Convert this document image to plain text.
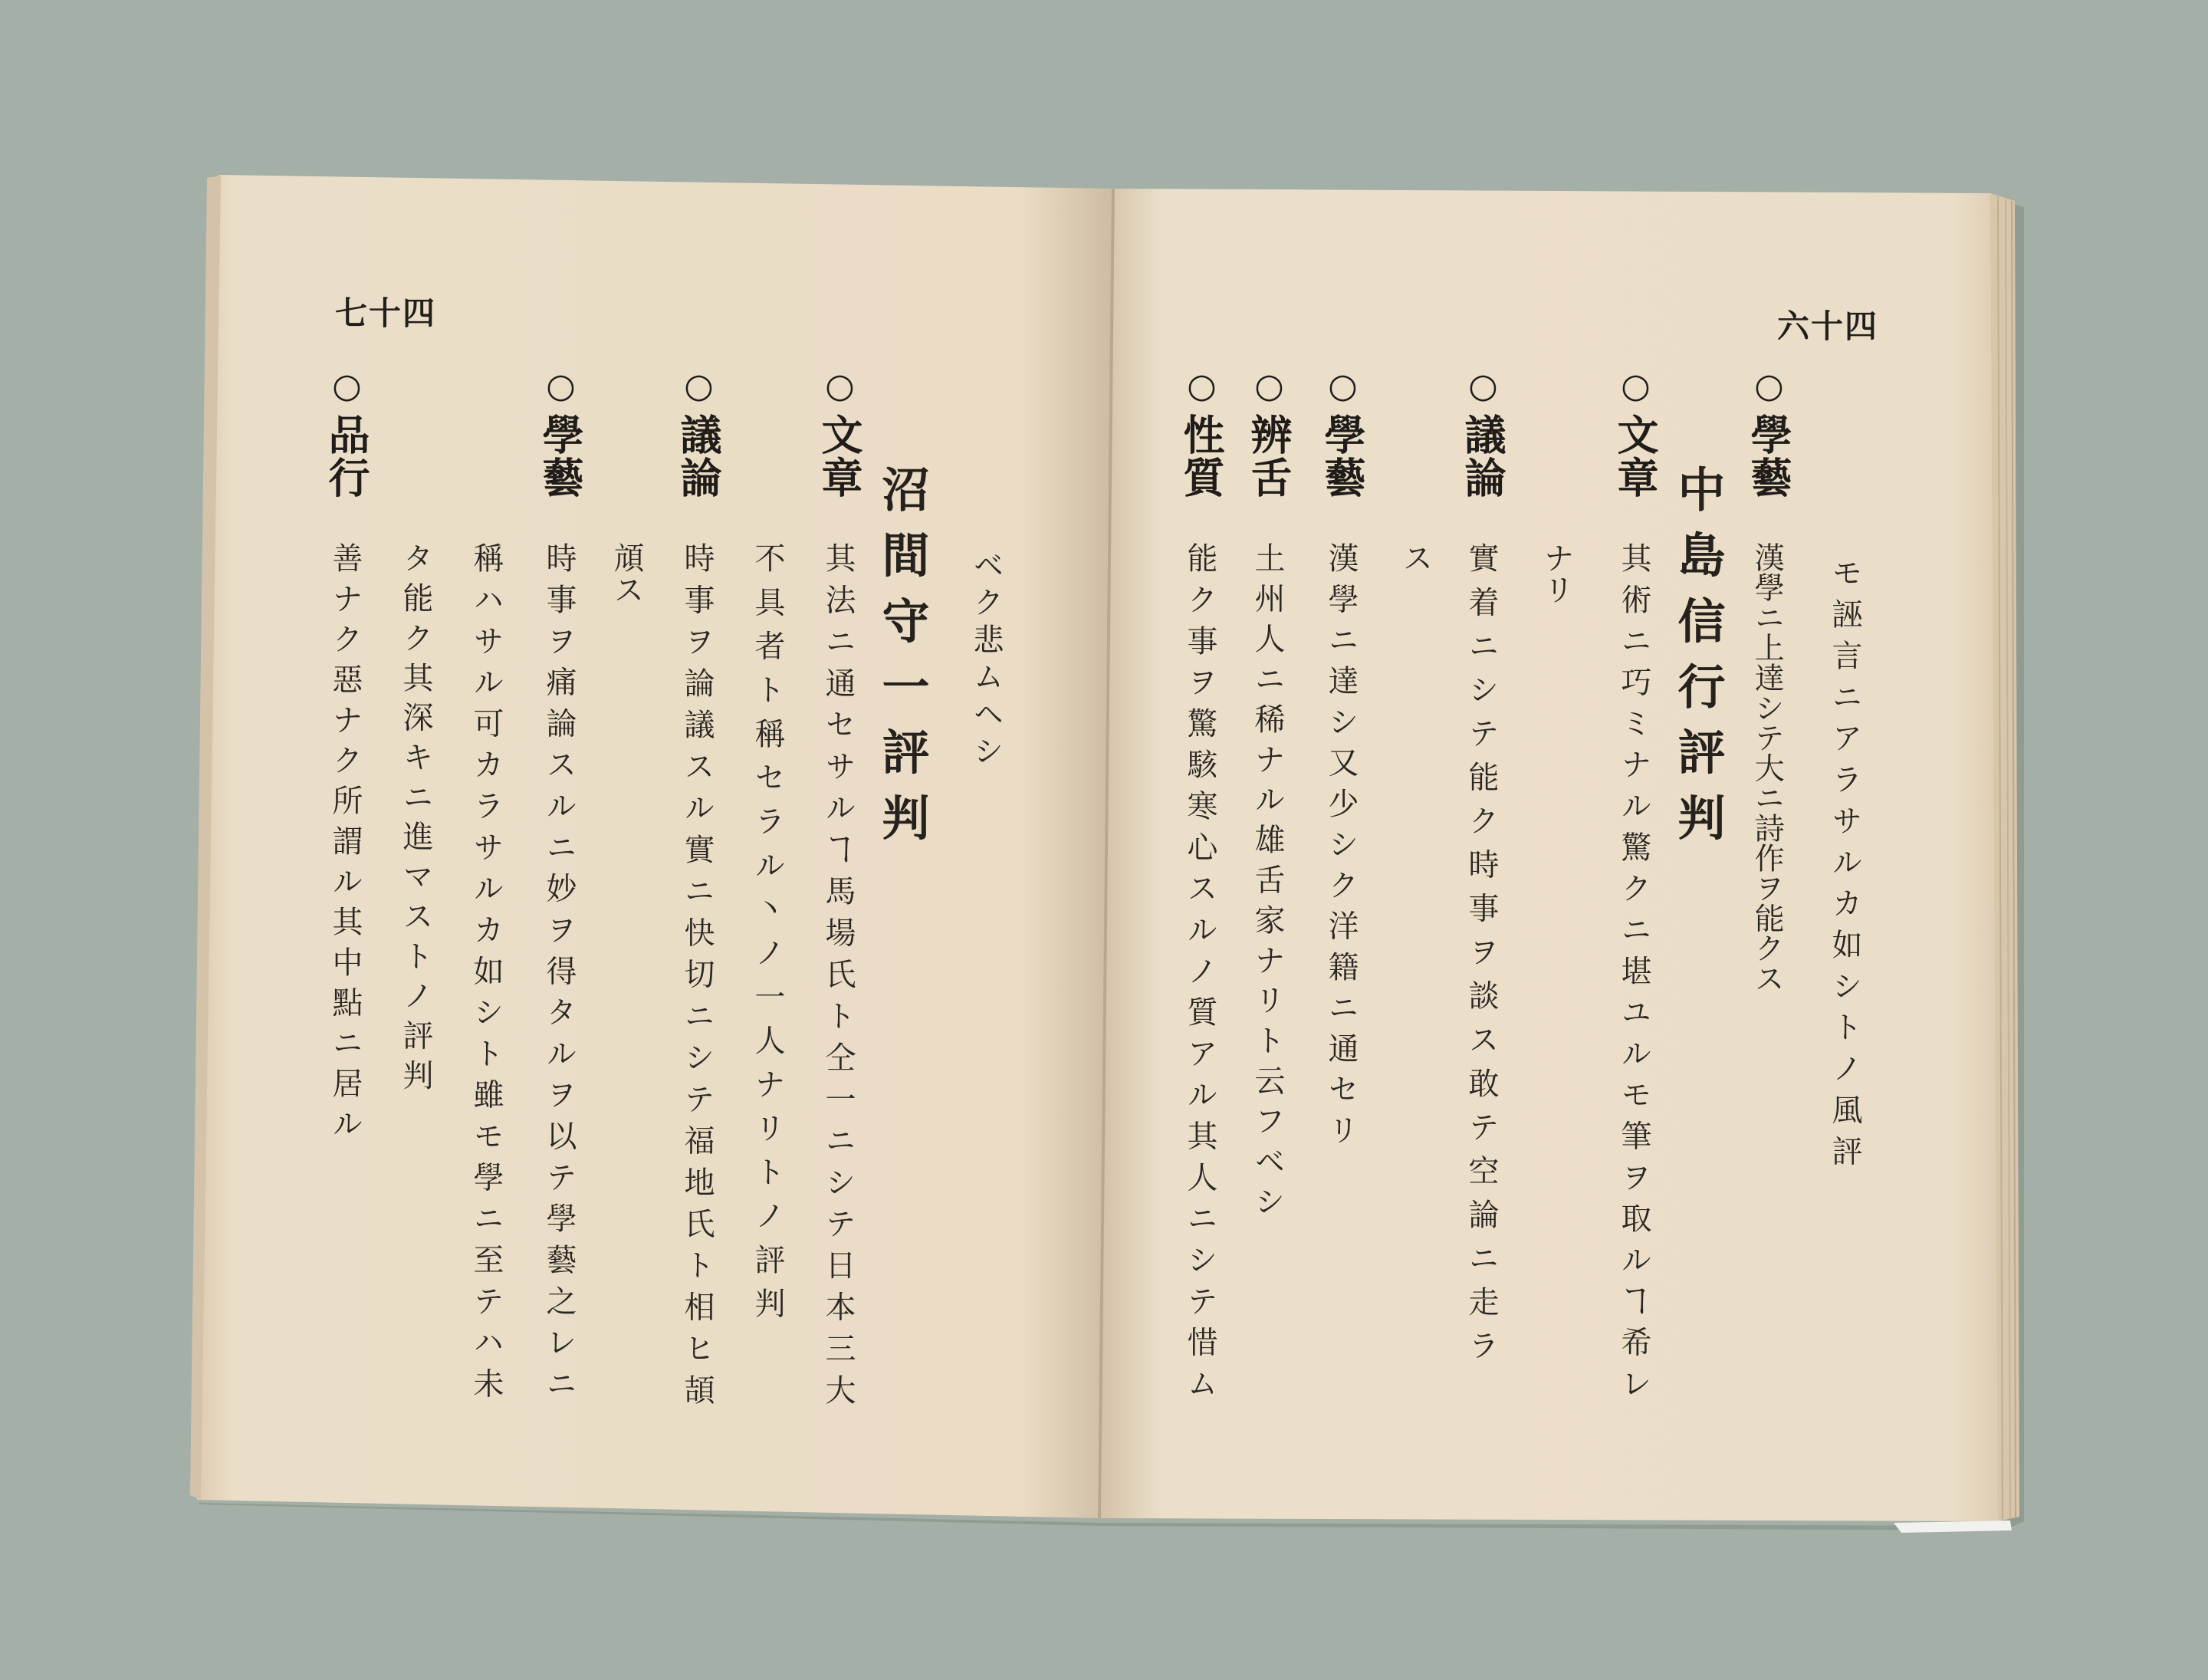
七十四
ベク悲ムヘシ
沼間守一評判
○文章
其法ニ通セサルヿ馬場氏ト仝一ニシテ日本三大
不具者ト稱セラル丶ノ一人ナリトノ評判
○議論
時事ヲ論議スル實ニ快切ニシテ福地氏ト相ヒ頡
頏ス
○學藝
時事ヲ痛論スルニ妙ヲ得タルヲ以テ學藝之レニ
稱ハサル可カラサルカ如シト雖モ學ニ至テハ未
タ能ク其深キニ進マストノ評判
○品行
善ナク惡ナク所謂ル其中點ニ居ル
六十四
モ誣言ニアラサルカ如シトノ風評
○學藝
漢學ニ上達シテ大ニ詩作ヲ能クス
中島信行評判
○文章
其術ニ巧ミナル驚クニ堪ユルモ筆ヲ取ルヿ希レ
ナリ
○議論
實着ニシテ能ク時事ヲ談ス敢テ空論ニ走ラ
ス
○學藝
漢學ニ達シ又少シク洋籍ニ通セリ
○辨舌
土州人ニ稀ナル雄舌家ナリト云フベシ
○性質
能ク事ヲ驚駭寒心スルノ質アル其人ニシテ惜ム
